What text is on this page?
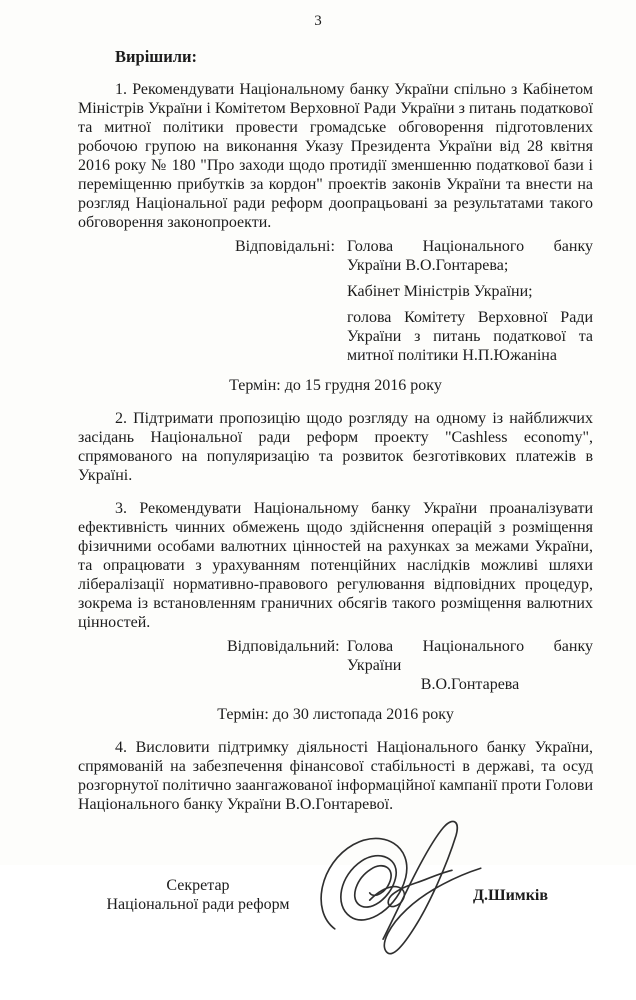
3
Вирішили:

1. Рекомендувати Національному банку України спільно з Кабінетом Міністрів України і Комітетом Верховної Ради України з питань податкової та митної політики провести громадське обговорення підготовлених робочою групою на виконання Указу Президента України від 28 квітня 2016 року № 180 "Про заходи щодо протидії зменшенню податкової бази і переміщенню прибутків за кордон" проектів законів України та внести на розгляд Національної ради реформ доопрацьовані за результатами такого обговорення законопроекти.

Відповідальні: Голова Національного банку України В.О.Гонтарева;
Кабінет Міністрів України;
голова Комітету Верховної Ради України з питань податкової та митної політики Н.П.Южаніна
Термін: до 15 грудня 2016 року

2. Підтримати пропозицію щодо розгляду на одному із найближчих засідань Національної ради реформ проекту "Cashless economy", спрямованого на популяризацію та розвиток безготівкових платежів в Україні.

3. Рекомендувати Національному банку України проаналізувати ефективність чинних обмежень щодо здійснення операцій з розміщення фізичними особами валютних цінностей на рахунках за межами України, та опрацювати з урахуванням потенційних наслідків можливі шляхи лібералізації нормативно-правового регулювання відповідних процедур, зокрема із встановленням граничних обсягів такого розміщення валютних цінностей.

Відповідальний: Голова Національного банку України
В.О.Гонтарева
Термін: до 30 листопада 2016 року

4. Висловити підтримку діяльності Національного банку України, спрямованій на забезпечення фінансової стабільності в державі, та осуд розгорнутої політично заангажованої інформаційної кампанії проти Голови Національного банку України В.О.Гонтаревої.

Секретар
Національної ради реформ
Д.Шимків
